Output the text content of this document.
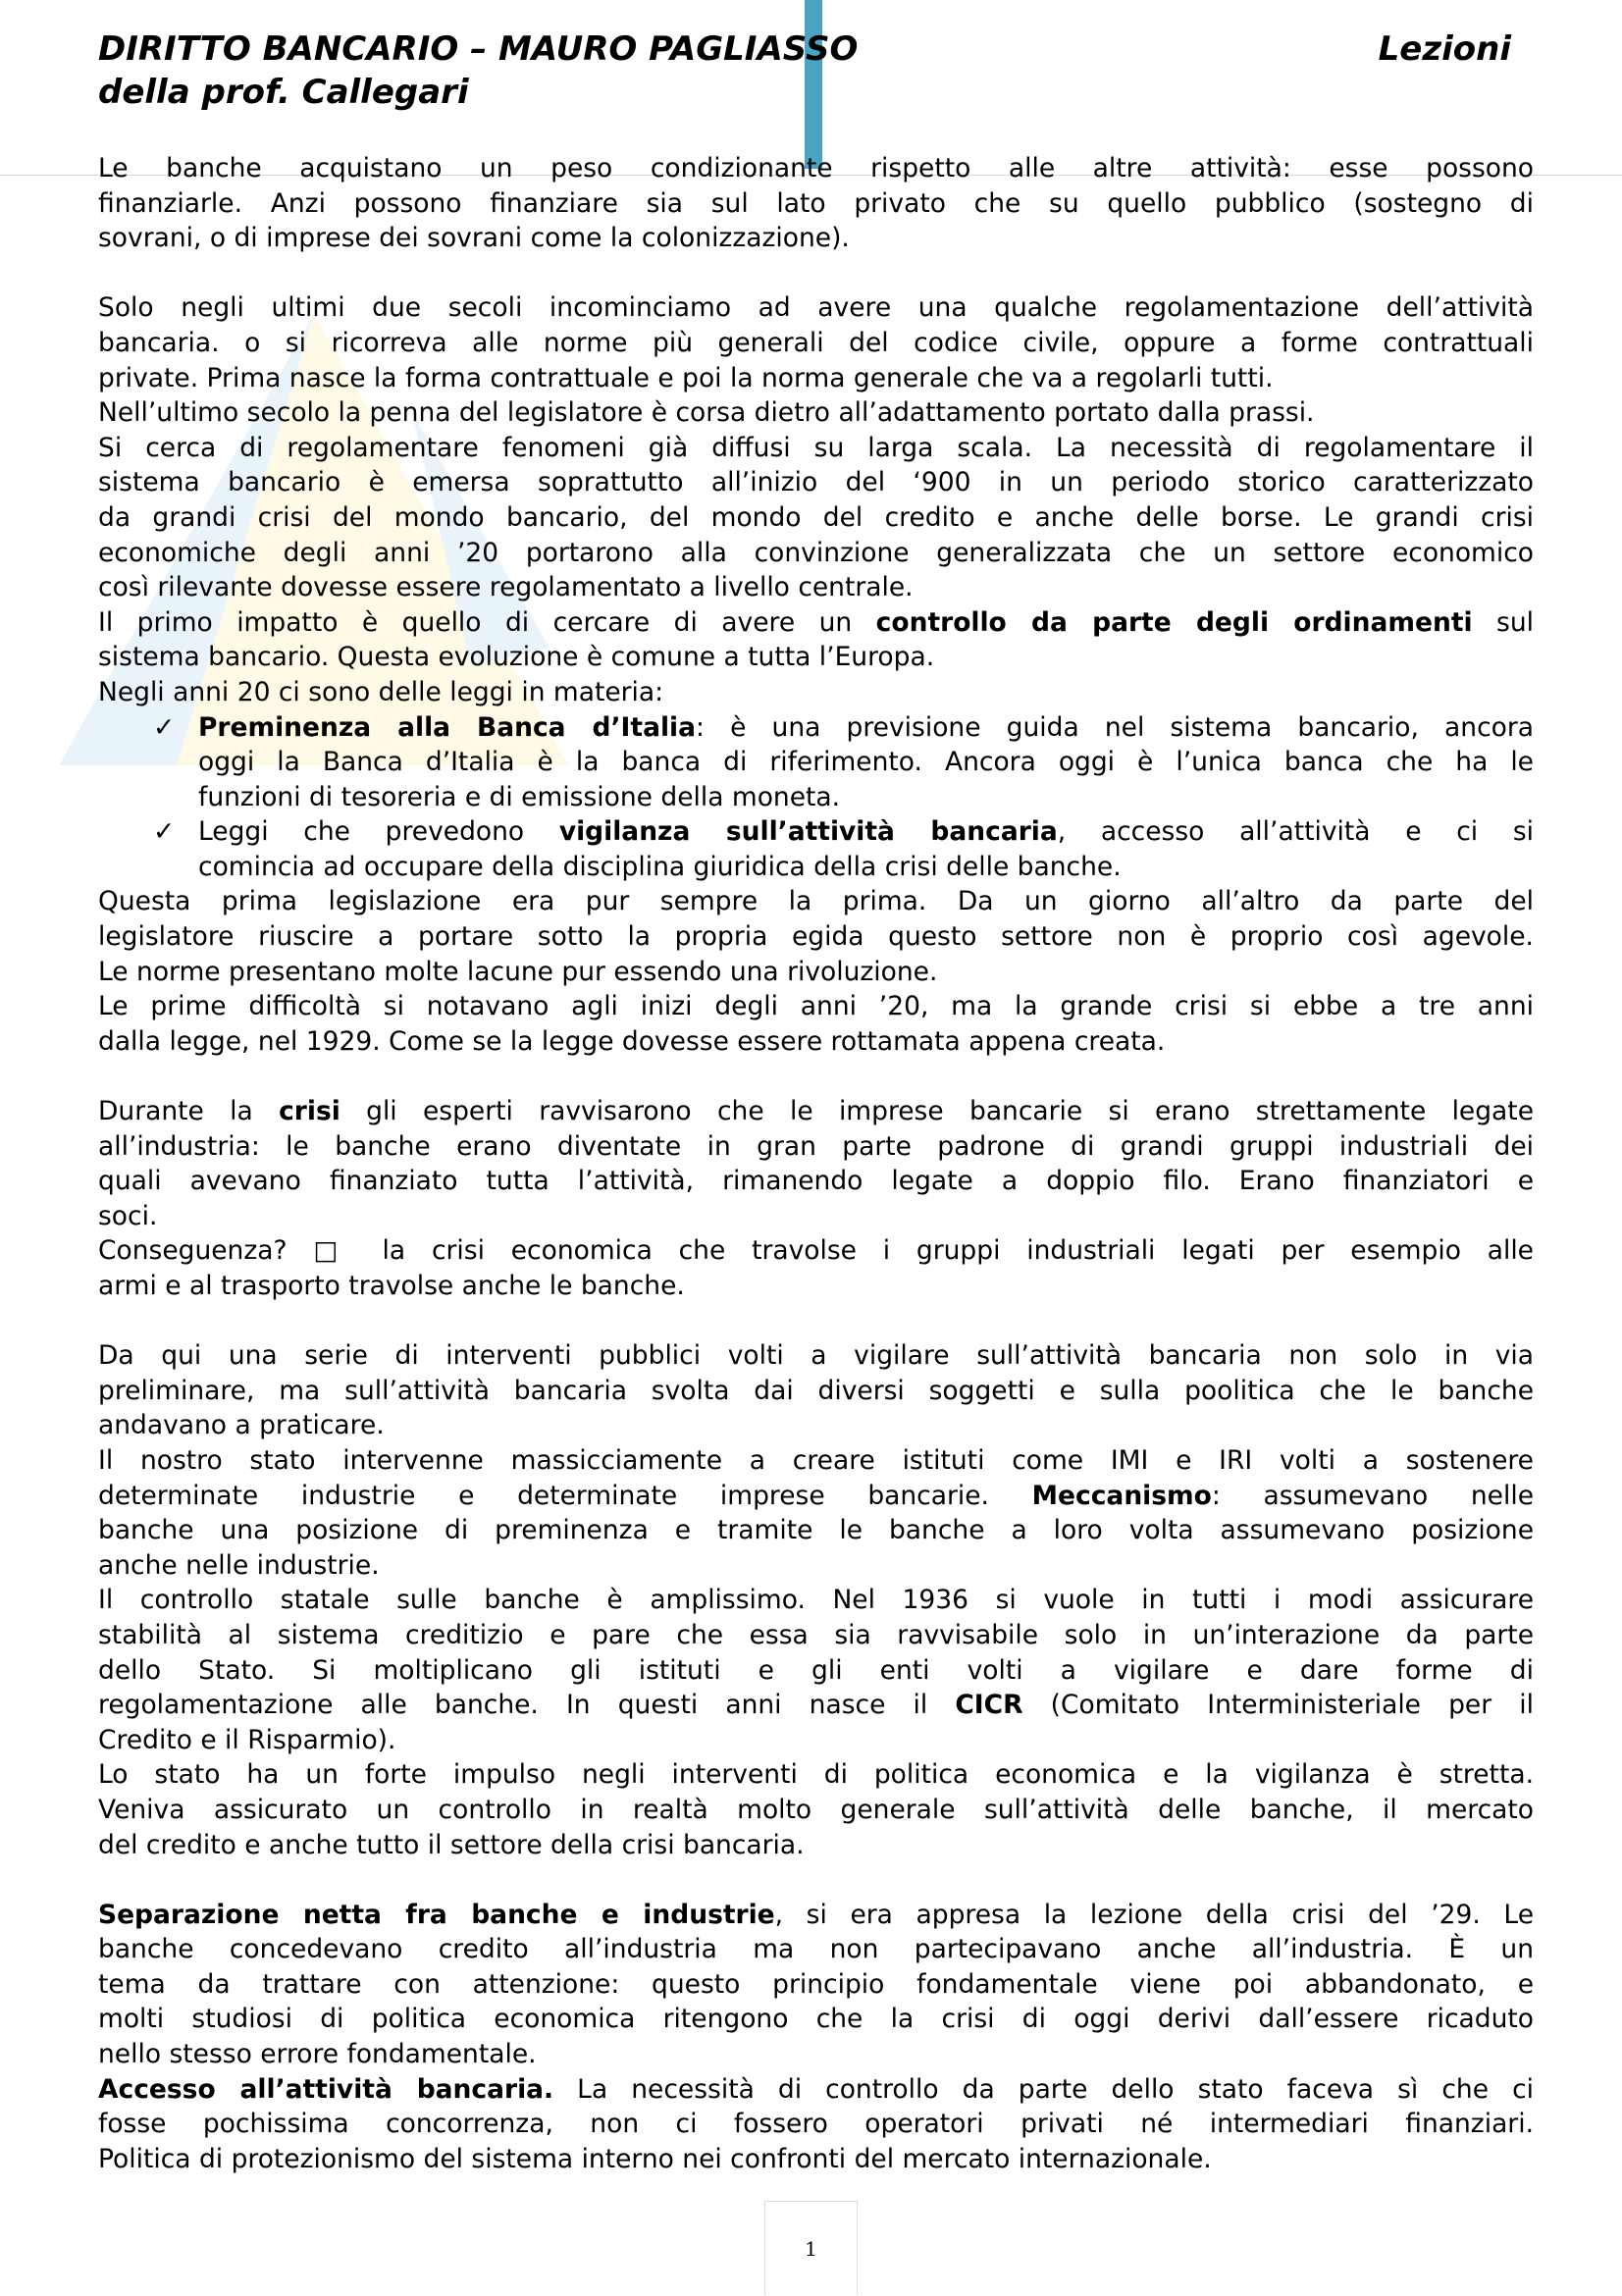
DIRITTO BANCARIO – MAURO PAGLIASSO	Lezioni
della prof. Callegari
Le banche acquistano un peso condizionante rispetto alle altre attività: esse possono
finanziarle. Anzi possono finanziare sia sul lato privato che su quello pubblico (sostegno di
sovrani, o di imprese dei sovrani come la colonizzazione).

Solo negli ultimi due secoli incominciamo ad avere una qualche regolamentazione dell’attività
bancaria. o si ricorreva alle norme più generali del codice civile, oppure a forme contrattuali
private. Prima nasce la forma contrattuale e poi la norma generale che va a regolarli tutti.
Nell’ultimo secolo la penna del legislatore è corsa dietro all’adattamento portato dalla prassi.
Si cerca di regolamentare fenomeni già diffusi su larga scala. La necessità di regolamentare il
sistema bancario è emersa soprattutto all’inizio del ‘900 in un periodo storico caratterizzato
da grandi crisi del mondo bancario, del mondo del credito e anche delle borse. Le grandi crisi
economiche degli anni ’20 portarono alla convinzione generalizzata che un settore economico
così rilevante dovesse essere regolamentato a livello centrale.
Il primo impatto è quello di cercare di avere un controllo da parte degli ordinamenti sul
sistema bancario. Questa evoluzione è comune a tutta l’Europa.
Negli anni 20 ci sono delle leggi in materia:
✓ Preminenza alla Banca d’Italia: è una previsione guida nel sistema bancario, ancora
oggi la Banca d’Italia è la banca di riferimento. Ancora oggi è l’unica banca che ha le
funzioni di tesoreria e di emissione della moneta.
✓ Leggi che prevedono vigilanza sull’attività bancaria, accesso all’attività e ci si
comincia ad occupare della disciplina giuridica della crisi delle banche.
Questa prima legislazione era pur sempre la prima. Da un giorno all’altro da parte del
legislatore riuscire a portare sotto la propria egida questo settore non è proprio così agevole.
Le norme presentano molte lacune pur essendo una rivoluzione.
Le prime difficoltà si notavano agli inizi degli anni ’20, ma la grande crisi si ebbe a tre anni
dalla legge, nel 1929. Come se la legge dovesse essere rottamata appena creata.

Durante la crisi gli esperti ravvisarono che le imprese bancarie si erano strettamente legate
all’industria: le banche erano diventate in gran parte padrone di grandi gruppi industriali dei
quali avevano finanziato tutta l’attività, rimanendo legate a doppio filo. Erano finanziatori e
soci.
Conseguenza? □ la crisi economica che travolse i gruppi industriali legati per esempio alle
armi e al trasporto travolse anche le banche.

Da qui una serie di interventi pubblici volti a vigilare sull’attività bancaria non solo in via
preliminare, ma sull’attività bancaria svolta dai diversi soggetti e sulla poolitica che le banche
andavano a praticare.
Il nostro stato intervenne massicciamente a creare istituti come IMI e IRI volti a sostenere
determinate industrie e determinate imprese bancarie. Meccanismo: assumevano nelle
banche una posizione di preminenza e tramite le banche a loro volta assumevano posizione
anche nelle industrie.
Il controllo statale sulle banche è amplissimo. Nel 1936 si vuole in tutti i modi assicurare
stabilità al sistema creditizio e pare che essa sia ravvisabile solo in un’interazione da parte
dello Stato. Si moltiplicano gli istituti e gli enti volti a vigilare e dare forme di
regolamentazione alle banche. In questi anni nasce il CICR (Comitato Interministeriale per il
Credito e il Risparmio).
Lo stato ha un forte impulso negli interventi di politica economica e la vigilanza è stretta.
Veniva assicurato un controllo in realtà molto generale sull’attività delle banche, il mercato
del credito e anche tutto il settore della crisi bancaria.

Separazione netta fra banche e industrie, si era appresa la lezione della crisi del ’29. Le
banche concedevano credito all’industria ma non partecipavano anche all’industria. È un
tema da trattare con attenzione: questo principio fondamentale viene poi abbandonato, e
molti studiosi di politica economica ritengono che la crisi di oggi derivi dall’essere ricaduto
nello stesso errore fondamentale.
Accesso all’attività bancaria. La necessità di controllo da parte dello stato faceva sì che ci
fosse pochissima concorrenza, non ci fossero operatori privati né intermediari finanziari.
Politica di protezionismo del sistema interno nei confronti del mercato internazionale.
1
